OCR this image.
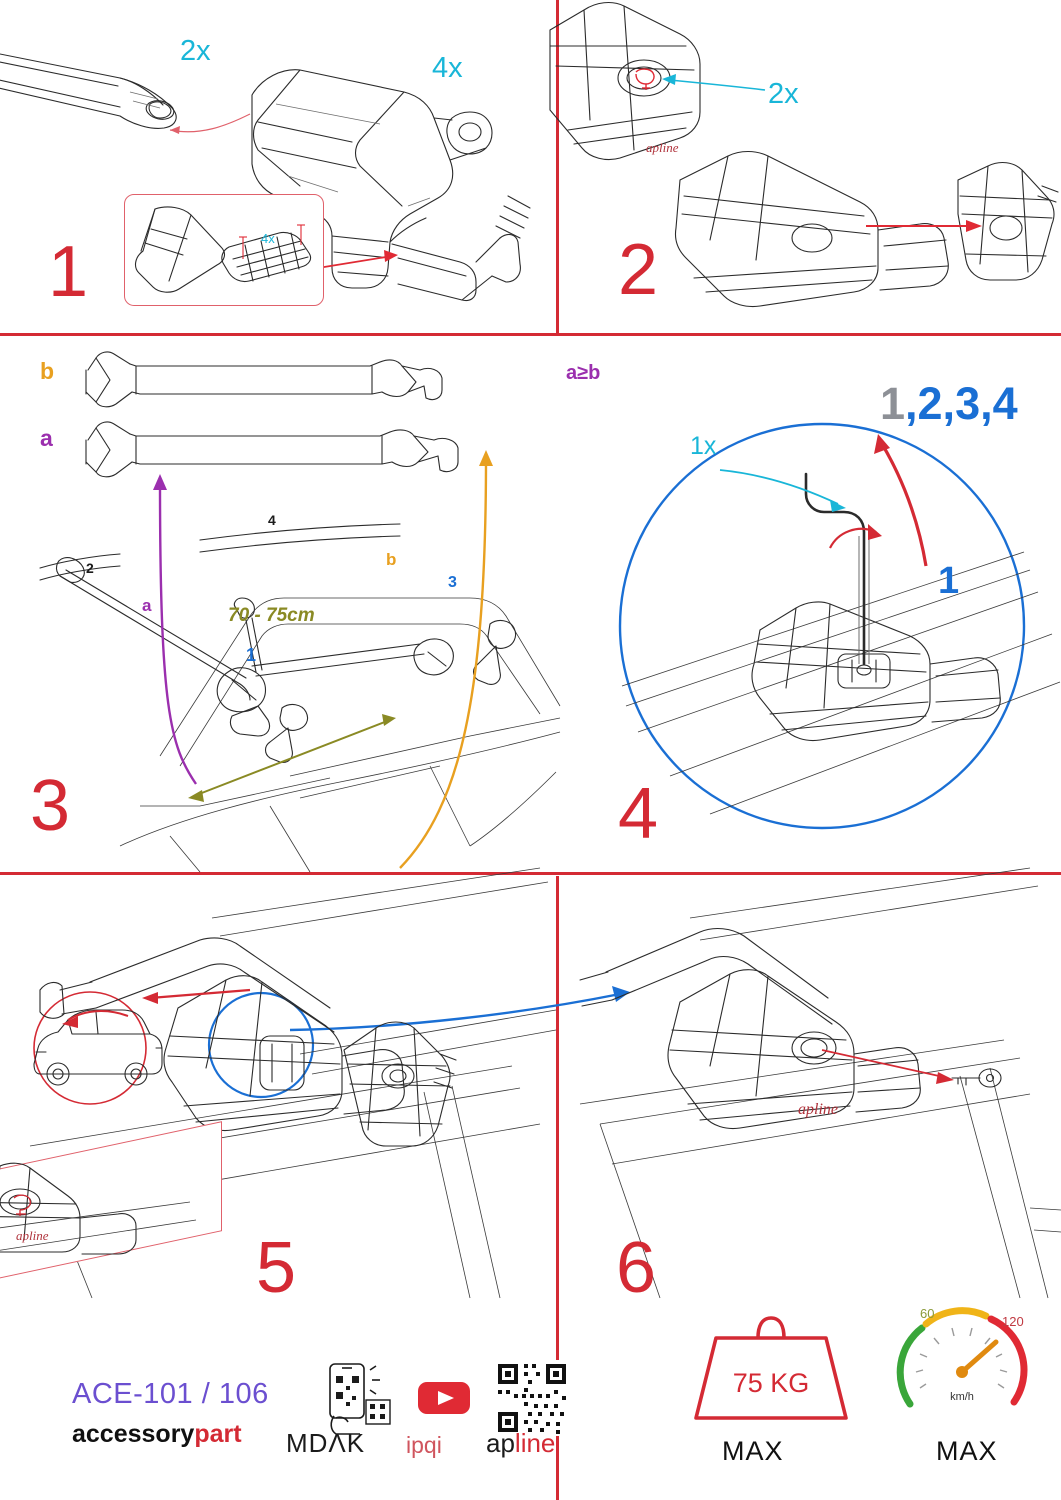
4x
2x
4x
1
apline
2x
2
b
a
a
b
70 - 75cm
1
2
3
4
3
a≥b
1x
1,2,3,4
1
4
apline	5
apline
6
ACE-101 / 106
accessorypart MDΛK ipqi apline
75 KG
MAX
60
120
km/h
MAX
